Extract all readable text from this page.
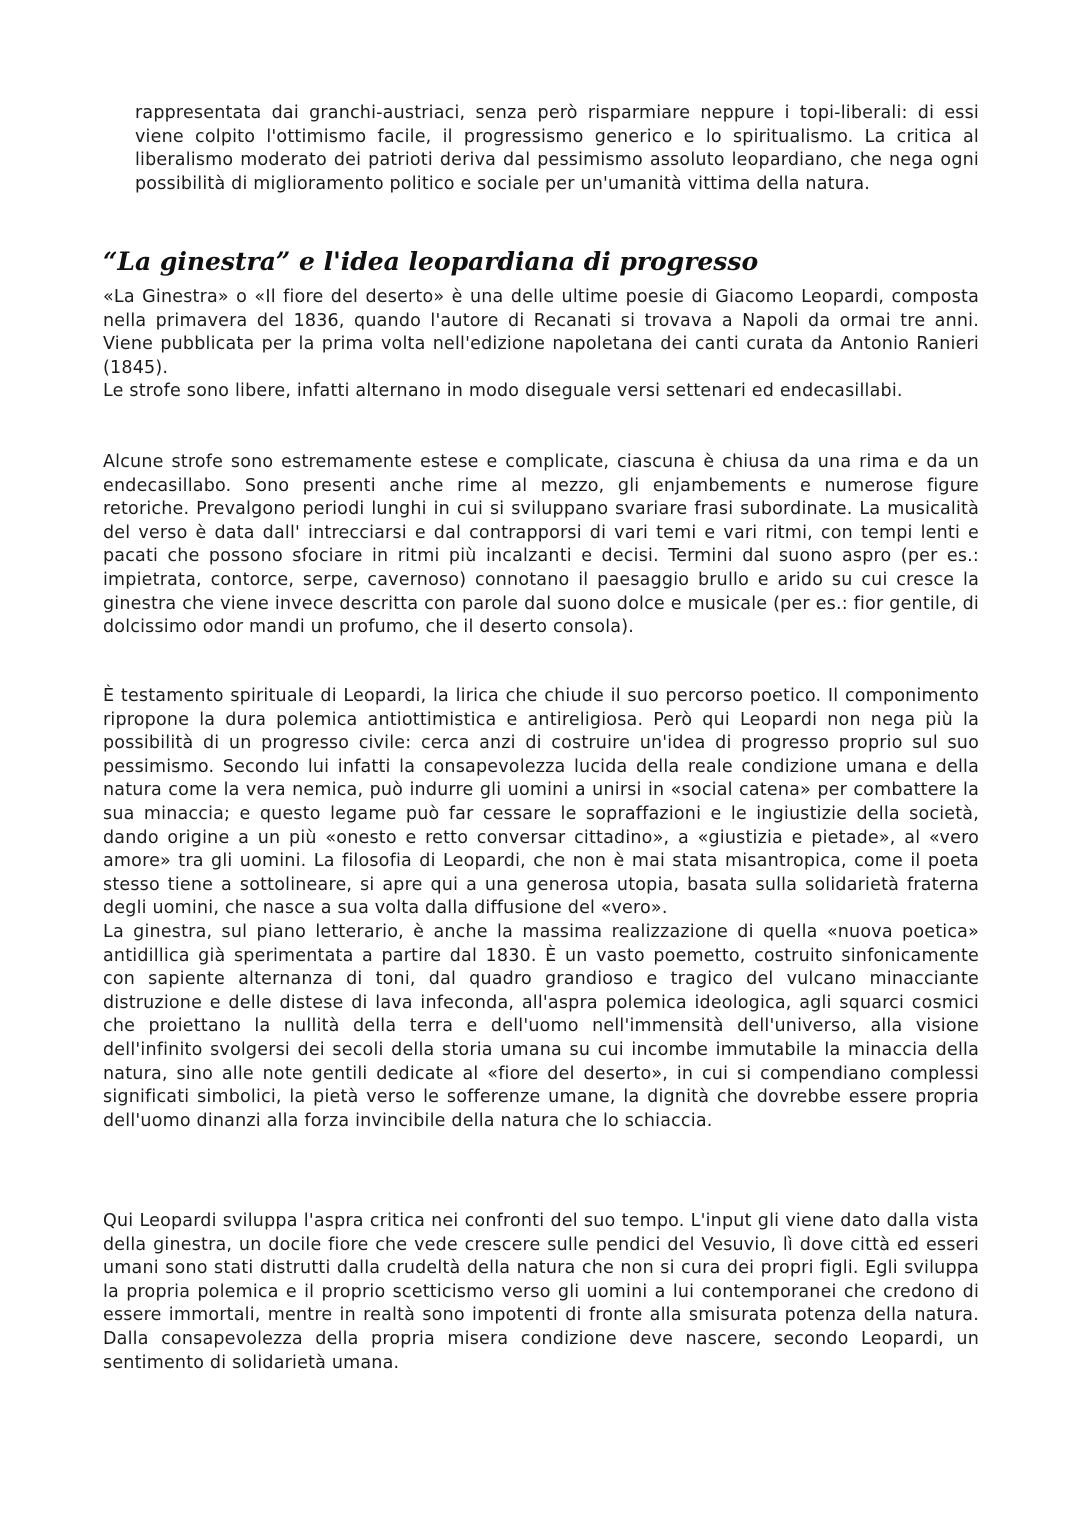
rappresentata dai granchi-austriaci, senza però risparmiare neppure i topi-liberali: di essi viene colpito l'ottimismo facile, il progressismo generico e lo spiritualismo. La critica al liberalismo moderato dei patrioti deriva dal pessimismo assoluto leopardiano, che nega ogni possibilità di miglioramento politico e sociale per un'umanità vittima della natura.

“La ginestra” e l'idea leopardiana di progresso

«La Ginestra» o «Il fiore del deserto» è una delle ultime poesie di Giacomo Leopardi, composta nella primavera del 1836, quando l'autore di Recanati si trovava a Napoli da ormai tre anni. Viene pubblicata per la prima volta nell'edizione napoletana dei canti curata da Antonio Ranieri (1845).
Le strofe sono libere, infatti alternano in modo diseguale versi settenari ed endecasillabi.

Alcune strofe sono estremamente estese e complicate, ciascuna è chiusa da una rima e da un endecasillabo. Sono presenti anche rime al mezzo, gli enjambements e numerose figure retoriche. Prevalgono periodi lunghi in cui si sviluppano svariare frasi subordinate. La musicalità del verso è data dall' intrecciarsi e dal contrapporsi di vari temi e vari ritmi, con tempi lenti e pacati che possono sfociare in ritmi più incalzanti e decisi. Termini dal suono aspro (per es.: impietrata, contorce, serpe, cavernoso) connotano il paesaggio brullo e arido su cui cresce la ginestra che viene invece descritta con parole dal suono dolce e musicale (per es.: fior gentile, di dolcissimo odor mandi un profumo, che il deserto consola).

È testamento spirituale di Leopardi, la lirica che chiude il suo percorso poetico. Il componimento ripropone la dura polemica antiottimistica e antireligiosa. Però qui Leopardi non nega più la possibilità di un progresso civile: cerca anzi di costruire un'idea di progresso proprio sul suo pessimismo. Secondo lui infatti la consapevolezza lucida della reale condizione umana e della natura come la vera nemica, può indurre gli uomini a unirsi in «social catena» per combattere la sua minaccia; e questo legame può far cessare le sopraffazioni e le ingiustizie della società, dando origine a un più «onesto e retto conversar cittadino», a «giustizia e pietade», al «vero amore» tra gli uomini. La filosofia di Leopardi, che non è mai stata misantropica, come il poeta stesso tiene a sottolineare, si apre qui a una generosa utopia, basata sulla solidarietà fraterna degli uomini, che nasce a sua volta dalla diffusione del «vero».
La ginestra, sul piano letterario, è anche la massima realizzazione di quella «nuova poetica» antidillica già sperimentata a partire dal 1830. È un vasto poemetto, costruito sinfonicamente con sapiente alternanza di toni, dal quadro grandioso e tragico del vulcano minacciante distruzione e delle distese di lava infeconda, all'aspra polemica ideologica, agli squarci cosmici che proiettano la nullità della terra e dell'uomo nell'immensità dell'universo, alla visione dell'infinito svolgersi dei secoli della storia umana su cui incombe immutabile la minaccia della natura, sino alle note gentili dedicate al «fiore del deserto», in cui si compendiano complessi significati simbolici, la pietà verso le sofferenze umane, la dignità che dovrebbe essere propria dell'uomo dinanzi alla forza invincibile della natura che lo schiaccia.

Qui Leopardi sviluppa l'aspra critica nei confronti del suo tempo. L'input gli viene dato dalla vista della ginestra, un docile fiore che vede crescere sulle pendici del Vesuvio, lì dove città ed esseri umani sono stati distrutti dalla crudeltà della natura che non si cura dei propri figli. Egli sviluppa la propria polemica e il proprio scetticismo verso gli uomini a lui contemporanei che credono di essere immortali, mentre in realtà sono impotenti di fronte alla smisurata potenza della natura. Dalla consapevolezza della propria misera condizione deve nascere, secondo Leopardi, un sentimento di solidarietà umana.
